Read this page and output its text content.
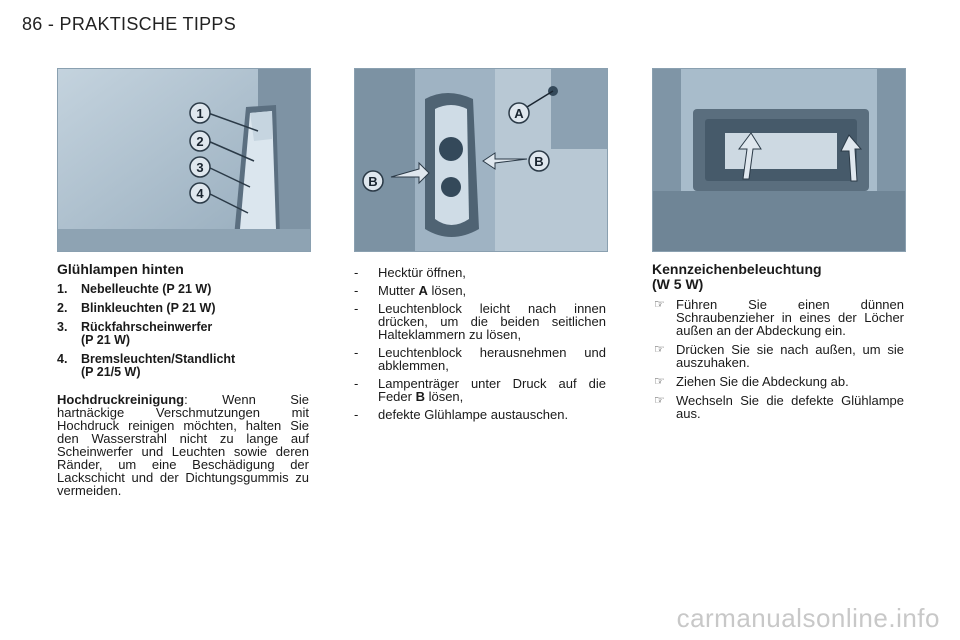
86 - PRAKTISCHE TIPPS
1
2
3
4
A
B
B
Glühlampen hinten
1. Nebelleuchte (P 21 W)
2. Blinkleuchten (P 21 W)
3. Rückfahrscheinwerfer
(P 21 W)
4. Bremsleuchten/Standlicht
(P 21/5 W)
Hochdruckreinigung: Wenn Sie hartnäckige Verschmutzungen mit Hochdruck reinigen möchten, halten Sie den Wasserstrahl nicht zu lange auf Scheinwerfer und Leuchten sowie deren Ränder, um eine Beschädigung der Lackschicht und der Dichtungsgummis zu vermeiden.
- Hecktür öffnen,
- Mutter A lösen,
- Leuchtenblock leicht nach innen drücken, um die beiden seitlichen Halteklammern zu lösen,
- Leuchtenblock herausnehmen und abklemmen,
- Lampenträger unter Druck auf die Feder B lösen,
- defekte Glühlampe austauschen.
Kennzeichenbeleuchtung
(W 5 W)
☞ Führen Sie einen dünnen Schraubenzieher in eines der Löcher außen an der Abdeckung ein.
☞ Drücken Sie sie nach außen, um sie auszuhaken.
☞ Ziehen Sie die Abdeckung ab.
☞ Wechseln Sie die defekte Glühlampe aus.
carmanualsonline.info
